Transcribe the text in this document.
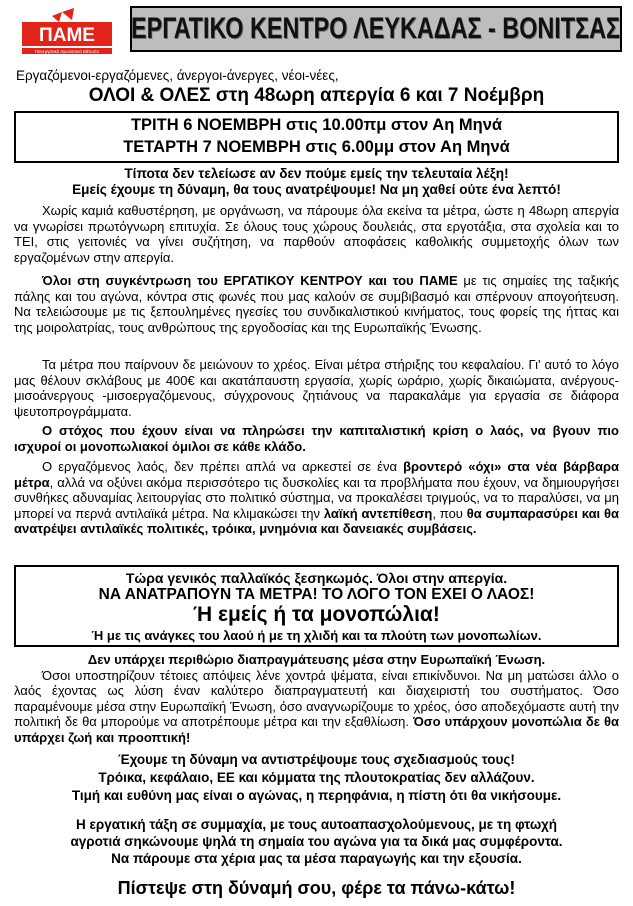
ΠΑΜΕ
Πανεργατικό Αγωνιστικό Μέτωπο
ΕΡΓΑΤΙΚΟ ΚΕΝΤΡΟ ΛΕΥΚΑΔΑΣ - ΒΟΝΙΤΣΑΣ
Εργαζόμενοι-εργαζόμενες, άνεργοι-άνεργες, νέοι-νέες,
ΟΛΟΙ & ΟΛΕΣ στη 48ωρη απεργία 6 και 7 Νοέμβρη
ΤΡΙΤΗ 6 ΝΟΕΜΒΡΗ στις 10.00πμ στον Αη Μηνά
ΤΕΤΑΡΤΗ 7 ΝΟΕΜΒΡΗ στις 6.00μμ στον Αη Μηνά
Τίποτα δεν τελείωσε αν δεν πούμε εμείς την τελευταία λέξη!
Εμείς έχουμε τη δύναμη, θα τους ανατρέψουμε! Να μη χαθεί ούτε ένα λεπτό!
Χωρίς καμιά καθυστέρηση, με οργάνωση, να πάρουμε όλα εκείνα τα μέτρα, ώστε η 48ωρη απεργία να γνωρίσει πρωτόγνωρη επιτυχία. Σε όλους τους χώρους δουλειάς, στα εργοτάξια, στα σχολεία και το ΤΕΙ, στις γειτονιές να γίνει συζήτηση, να παρθούν αποφάσεις καθολικής συμμετοχής όλων των εργαζομένων στην απεργία.
Όλοι στη συγκέντρωση του ΕΡΓΑΤΙΚΟΥ ΚΕΝΤΡΟΥ και του ΠΑΜΕ με τις σημαίες της ταξικής πάλης και του αγώνα, κόντρα στις φωνές που μας καλούν σε συμβιβασμό και σπέρνουν απογοήτευση. Να τελειώσουμε με τις ξεπουλημένες ηγεσίες του συνδικαλιστικού κινήματος, τους φορείς της ήττας και της μοιρολατρίας, τους ανθρώπους της εργοδοσίας και της Ευρωπαϊκής Ένωσης.
Τα μέτρα που παίρνουν δε μειώνουν το χρέος. Είναι μέτρα στήριξης του κεφαλαίου. Γι' αυτό το λόγο μας θέλουν σκλάβους με 400€ και ακατάπαυστη εργασία, χωρίς ωράριο, χωρίς δικαιώματα, ανέργους- μισοάνεργους -μισοεργαζόμενους, σύγχρονους ζητιάνους να παρακαλάμε για εργασία σε διάφορα ψευτοπρογράμματα.
Ο στόχος που έχουν είναι να πληρώσει την καπιταλιστική κρίση ο λαός, να βγουν πιο ισχυροί οι μονοπωλιακοί όμιλοι σε κάθε κλάδο.
Ο εργαζόμενος λαός, δεν πρέπει απλά να αρκεστεί σε ένα βροντερό «όχι» στα νέα βάρβαρα μέτρα, αλλά να οξύνει ακόμα περισσότερο τις δυσκολίες και τα προβλήματα που έχουν, να δημιουργήσει συνθήκες αδυναμίας λειτουργίας στο πολιτικό σύστημα, να προκαλέσει τριγμούς, να το παραλύσει, να μη μπορεί να περνά αντιλαϊκά μέτρα. Να κλιμακώσει την λαϊκή αντεπίθεση, που θα συμπαρασύρει και θα ανατρέψει αντιλαϊκές πολιτικές, τρόικα, μνημόνια και δανειακές συμβάσεις.
Τώρα γενικός παλλαϊκός ξεσηκωμός. Όλοι στην απεργία.
ΝΑ ΑΝΑΤΡΑΠΟΥΝ ΤΑ ΜΕΤΡΑ! ΤΟ ΛΟΓΟ ΤΟΝ ΕΧΕΙ Ο ΛΑΟΣ!
Ή εμείς ή τα μονοπώλια!
Ή με τις ανάγκες του λαού ή με τη χλιδή και τα πλούτη των μονοπωλίων.
Δεν υπάρχει περιθώριο διαπραγμάτευσης μέσα στην Ευρωπαϊκή Ένωση.
Όσοι υποστηρίζουν τέτοιες απόψεις λένε χοντρά ψέματα, είναι επικίνδυνοι. Να μη ματώσει άλλο ο λαός έχοντας ως λύση έναν καλύτερο διαπραγματευτή και διαχειριστή του συστήματος. Όσο παραμένουμε μέσα στην Ευρωπαϊκή Ένωση, όσο αναγνωρίζουμε το χρέος, όσο αποδεχόμαστε αυτή την πολιτική δε θα μπορούμε να αποτρέπουμε μέτρα και την εξαθλίωση. Όσο υπάρχουν μονοπώλια δε θα υπάρχει ζωή και προοπτική!
Έχουμε τη δύναμη να αντιστρέψουμε τους σχεδιασμούς τους!
Τρόικα, κεφάλαιο, ΕΕ και κόμματα της πλουτοκρατίας δεν αλλάζουν.
Τιμή και ευθύνη μας είναι ο αγώνας, η περηφάνια, η πίστη ότι θα νικήσουμε.
Η εργατική τάξη σε συμμαχία, με τους αυτοαπασχολούμενους, με τη φτωχή
αγροτιά σηκώνουμε ψηλά τη σημαία του αγώνα για τα δικά μας συμφέροντα.
Να πάρουμε στα χέρια μας τα μέσα παραγωγής και την εξουσία.
Πίστεψε στη δύναμή σου, φέρε τα πάνω-κάτω!
